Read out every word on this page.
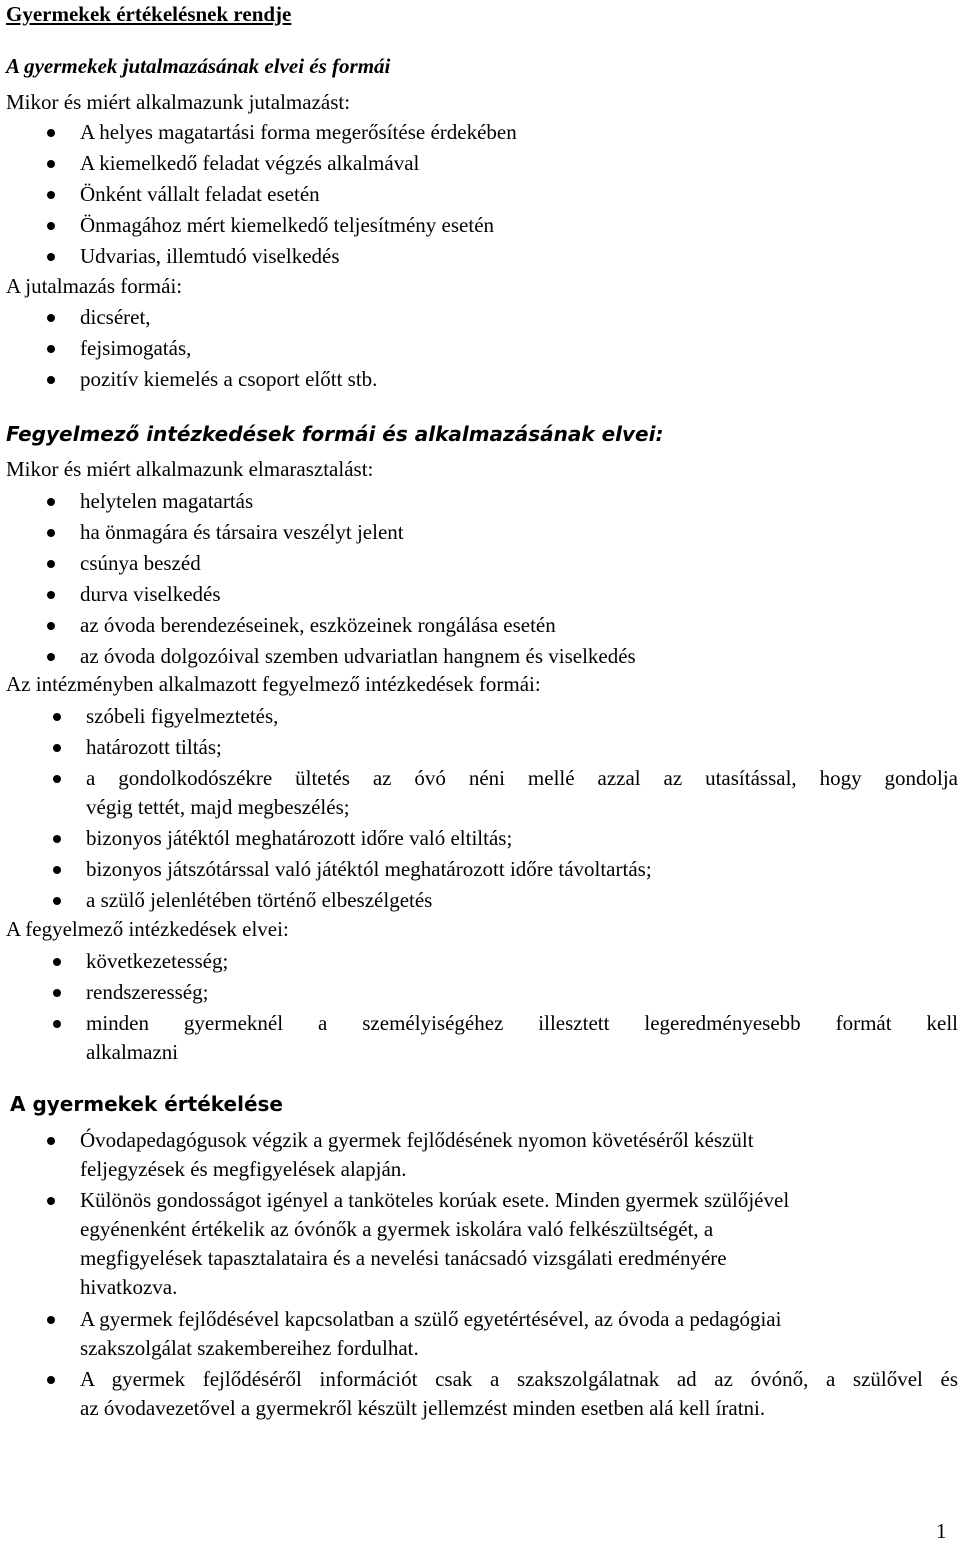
Gyermekek értékelésnek rendje
A gyermekek jutalmazásának elvei és formái
Mikor és miért alkalmazunk jutalmazást:
A helyes magatartási forma megerősítése érdekében
A kiemelkedő feladat végzés alkalmával
Önként vállalt feladat esetén
Önmagához mért kiemelkedő teljesítmény esetén
Udvarias, illemtudó viselkedés
A jutalmazás formái:
dicséret,
fejsimogatás,
pozitív kiemelés a csoport előtt stb.
Fegyelmező intézkedések formái és alkalmazásának elvei:
Mikor és miért alkalmazunk elmarasztalást:
helytelen magatartás
ha önmagára és társaira veszélyt jelent
csúnya beszéd
durva viselkedés
az óvoda berendezéseinek, eszközeinek rongálása esetén
az óvoda dolgozóival szemben udvariatlan hangnem és viselkedés
Az intézményben alkalmazott fegyelmező intézkedések formái:
szóbeli figyelmeztetés,
határozott tiltás;
a gondolkodószékre ültetés az óvó néni mellé azzal az utasítással, hogy gondolja
végig tettét, majd megbeszélés;
bizonyos játéktól meghatározott időre való eltiltás;
bizonyos játszótárssal való játéktól meghatározott időre távoltartás;
a szülő jelenlétében történő elbeszélgetés
A fegyelmező intézkedések elvei:
következetesség;
rendszeresség;
minden gyermeknél a személyiségéhez illesztett legeredményesebb formát kell
alkalmazni
A gyermekek értékelése
Óvodapedagógusok végzik a gyermek fejlődésének nyomon követéséről készült
feljegyzések és megfigyelések alapján.
Különös gondosságot igényel a tanköteles korúak esete. Minden gyermek szülőjével
egyénenként értékelik az óvónők a gyermek iskolára való felkészültségét, a
megfigyelések tapasztalataira és a nevelési tanácsadó vizsgálati eredményére
hivatkozva.
A gyermek fejlődésével kapcsolatban a szülő egyetértésével, az óvoda a pedagógiai
szakszolgálat szakembereihez fordulhat.
A gyermek fejlődéséről információt csak a szakszolgálatnak ad az óvónő, a szülővel és
az óvodavezetővel a gyermekről készült jellemzést minden esetben alá kell íratni.
1
